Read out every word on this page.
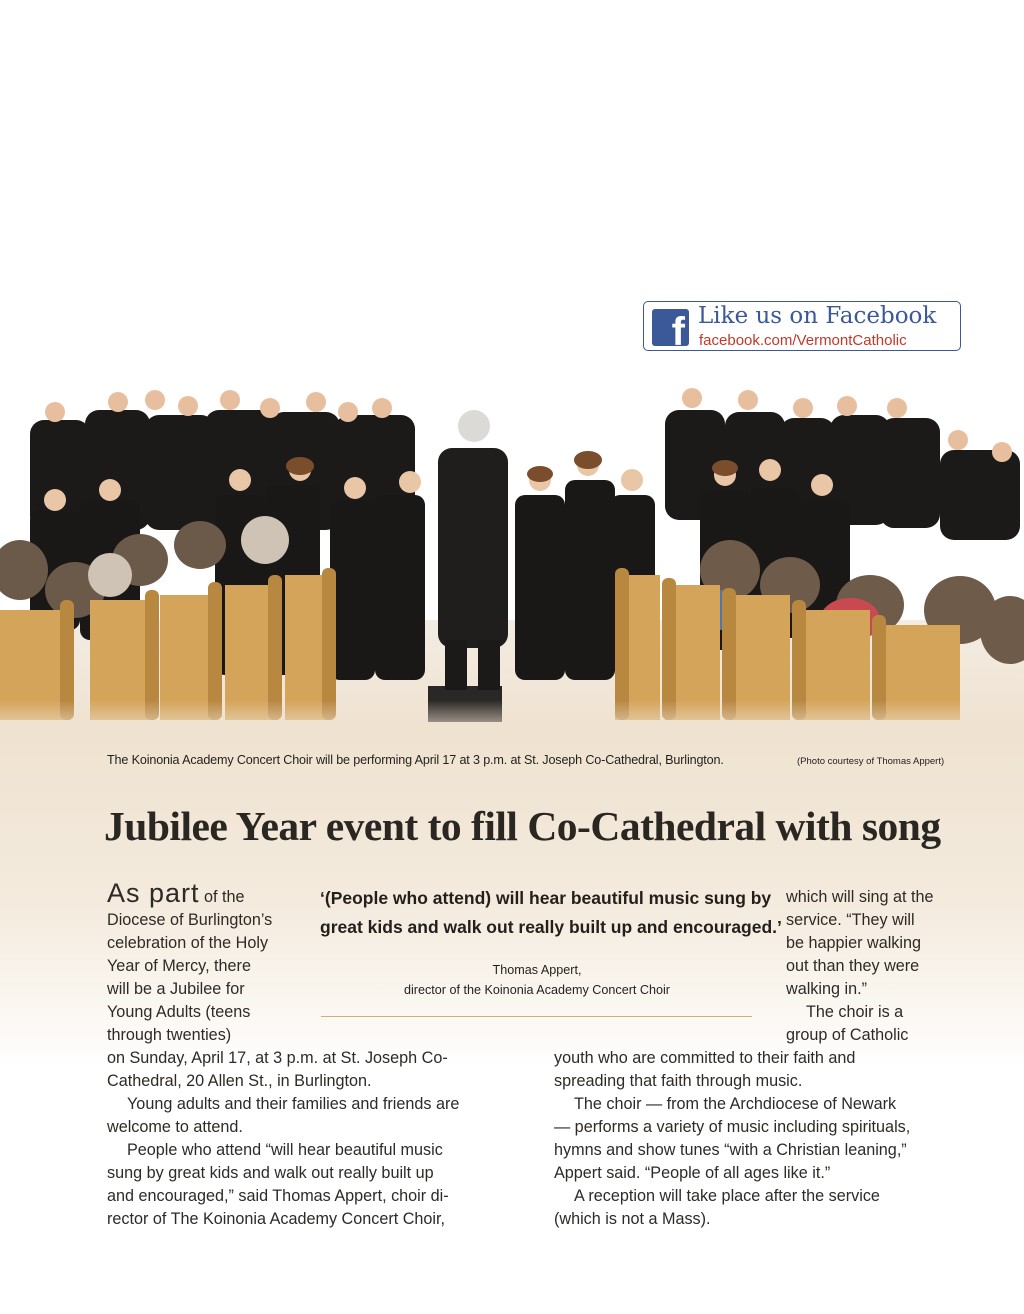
f Like us on Facebook
facebook.com/VermontCatholic
The Koinonia Academy Concert Choir will be performing April 17 at 3 p.m. at St. Joseph Co-Cathedral, Burlington.	(Photo courtesy of Thomas Appert)
Jubilee Year event to fill Co-Cathedral with song
As part of the
Diocese of Burlington’s
celebration of the Holy
Year of Mercy, there
will be a Jubilee for
Young Adults (teens
through twenties)
on Sunday, April 17, at 3 p.m. at St. Joseph Co-
Cathedral, 20 Allen St., in Burlington.
Young adults and their families and friends are
welcome to attend.
People who attend “will hear beautiful music
sung by great kids and walk out really built up
and encouraged,” said Thomas Appert, choir di-
rector of The Koinonia Academy Concert Choir,
‘(People who attend) will hear beautiful music sung by
great kids and walk out really built up and encouraged.’
Thomas Appert,
director of the Koinonia Academy Concert Choir
which will sing at the
service. “They will
be happier walking
out than they were
walking in.”
The choir is a
group of Catholic
youth who are committed to their faith and
spreading that faith through music.
The choir — from the Archdiocese of Newark
— performs a variety of music including spirituals,
hymns and show tunes “with a Christian leaning,”
Appert said. “People of all ages like it.”
A reception will take place after the service
(which is not a Mass).
